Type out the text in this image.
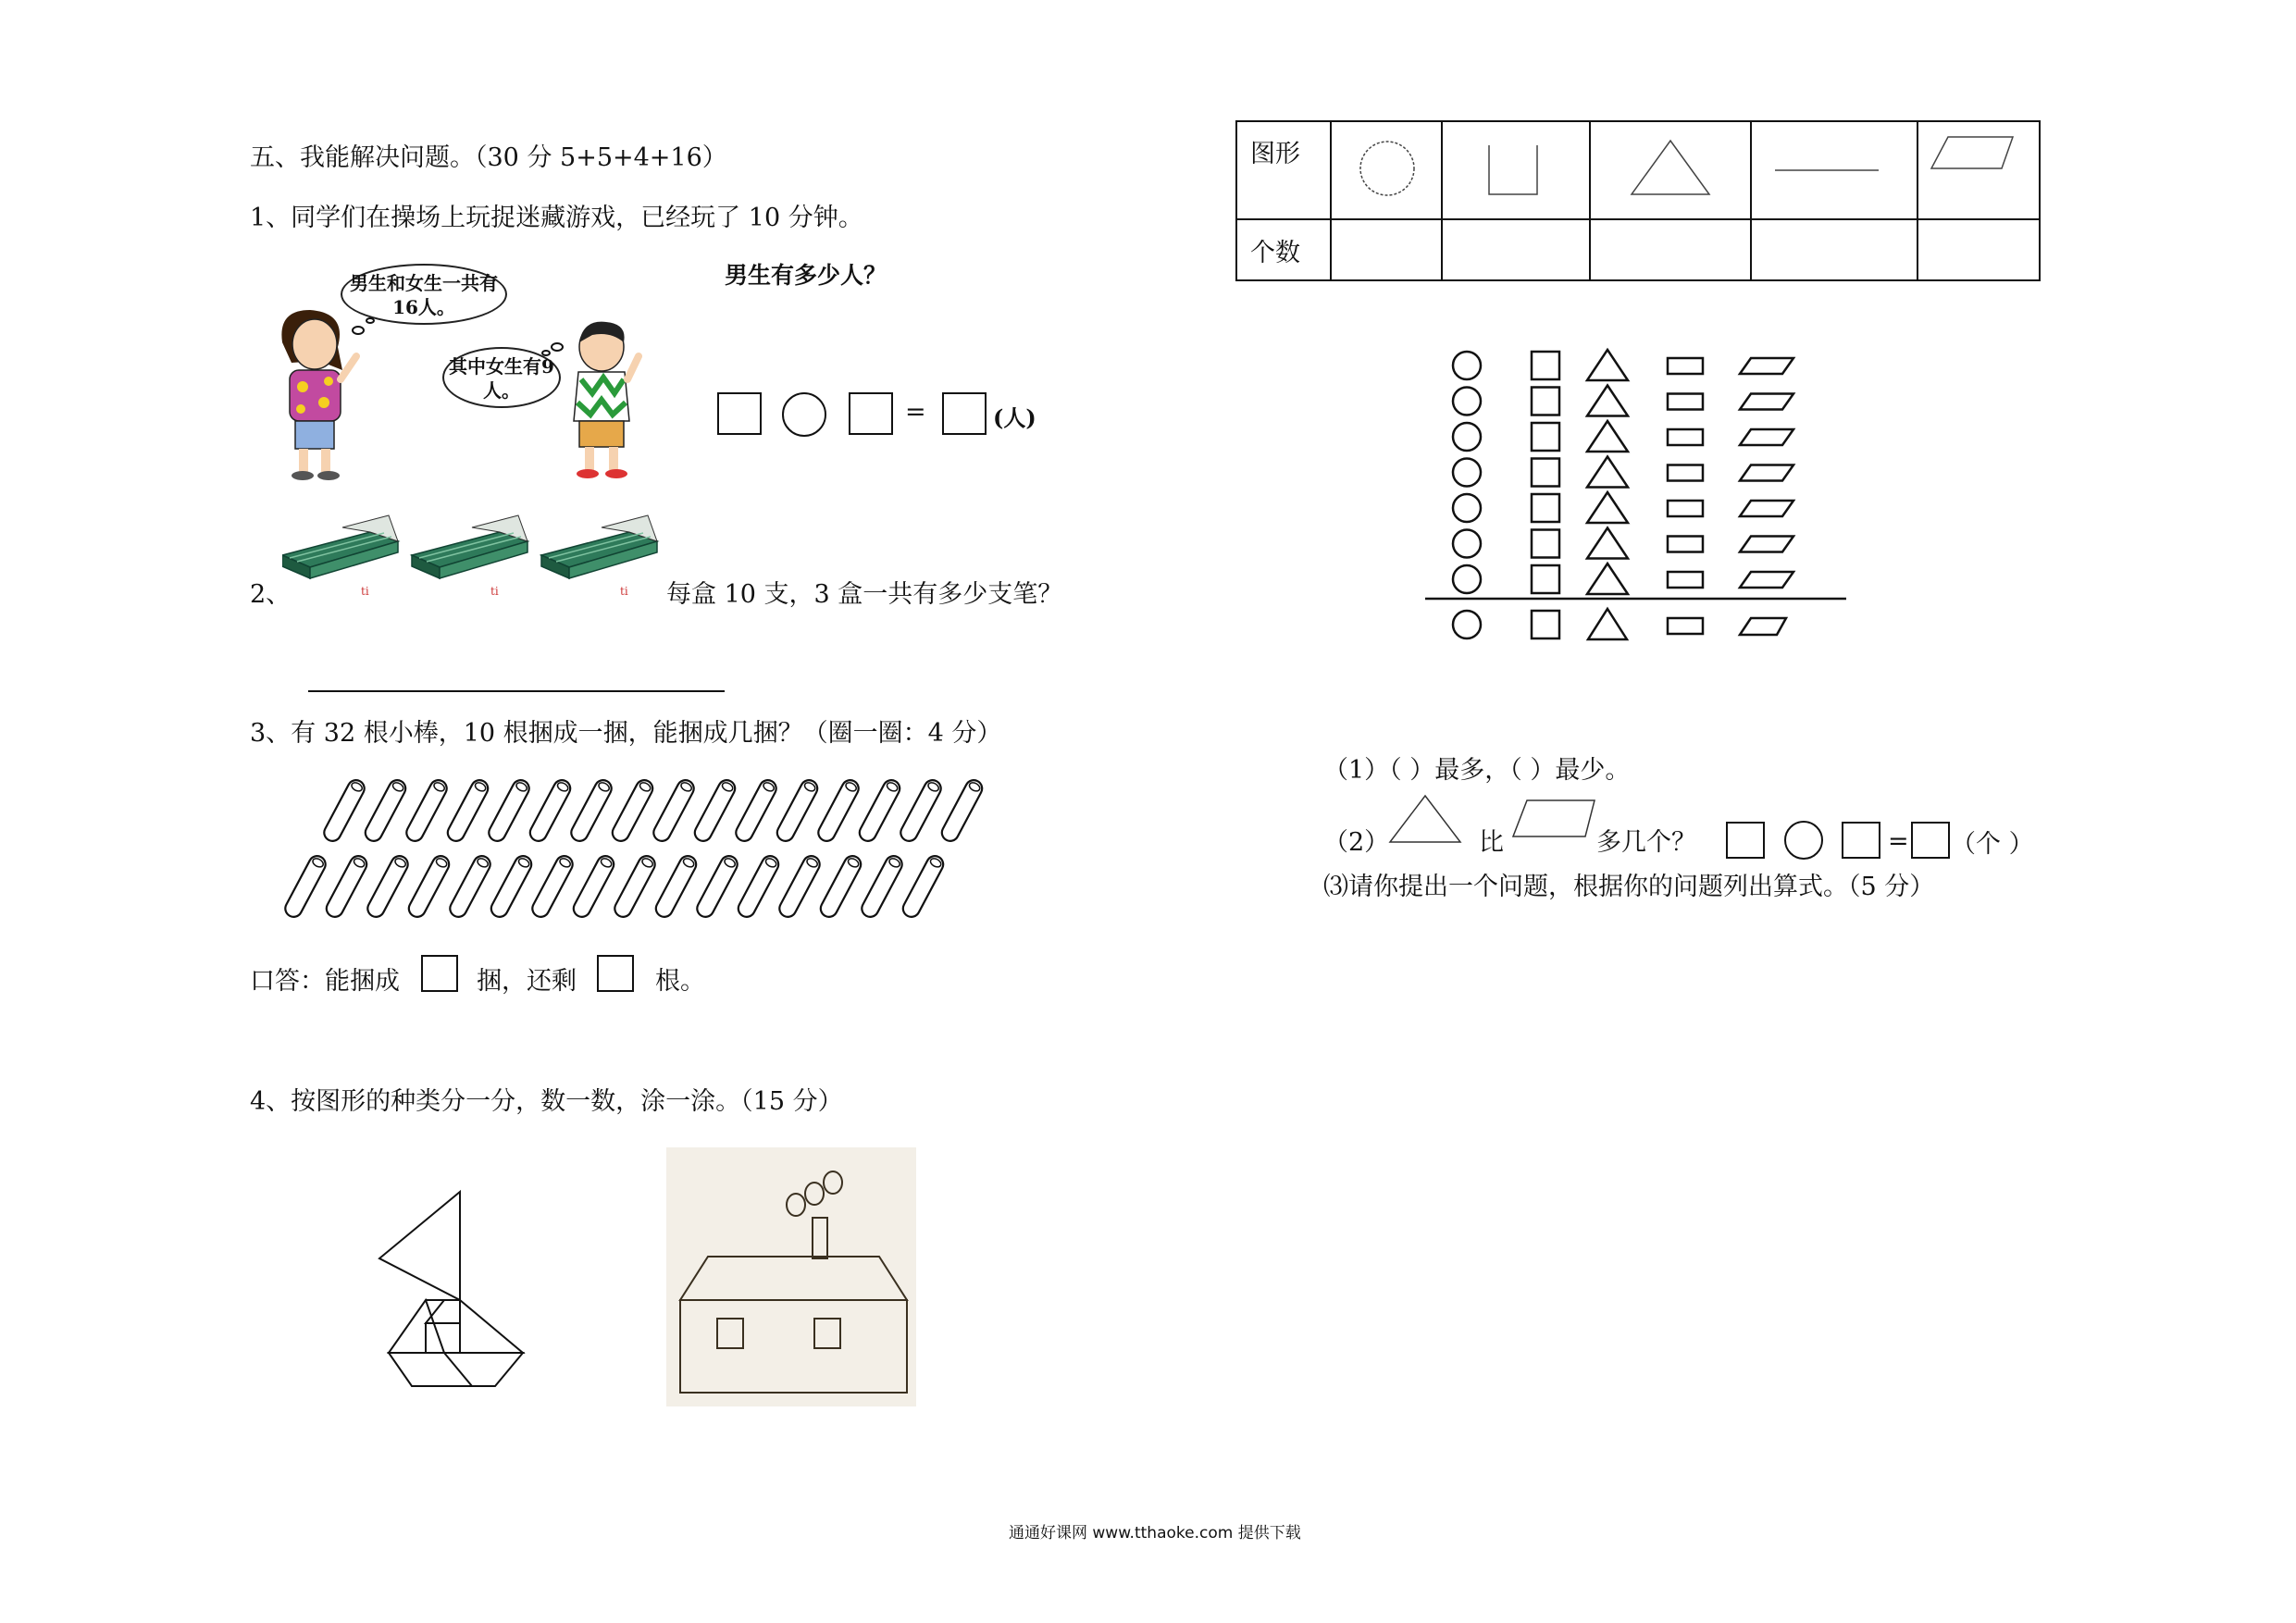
五、我能解决问题。（30 分 5+5+4+16）
1、同学们在操场上玩捉迷藏游戏，已经玩了 10 分钟。
男生和女生一共有16人。
其中女生有9人。
男生有多少人？
=	(人)
ti	ti	ti
2、	每盒 10 支，3 盒一共有多少支笔？
3、有 32 根小棒，10 根捆成一捆，能捆成几捆？（圈一圈：4 分）
口答：能捆成	捆，还剩	根。
4、按图形的种类分一分，数一数，涂一涂。（15 分）
图形

个数					

（1）（ ）最多，（ ）最少。
（2）	比	多几个？	= （个 ）
⑶请你提出一个问题，根据你的问题列出算式。（5 分）
通通好课网 www.tthaoke.com 提供下载
